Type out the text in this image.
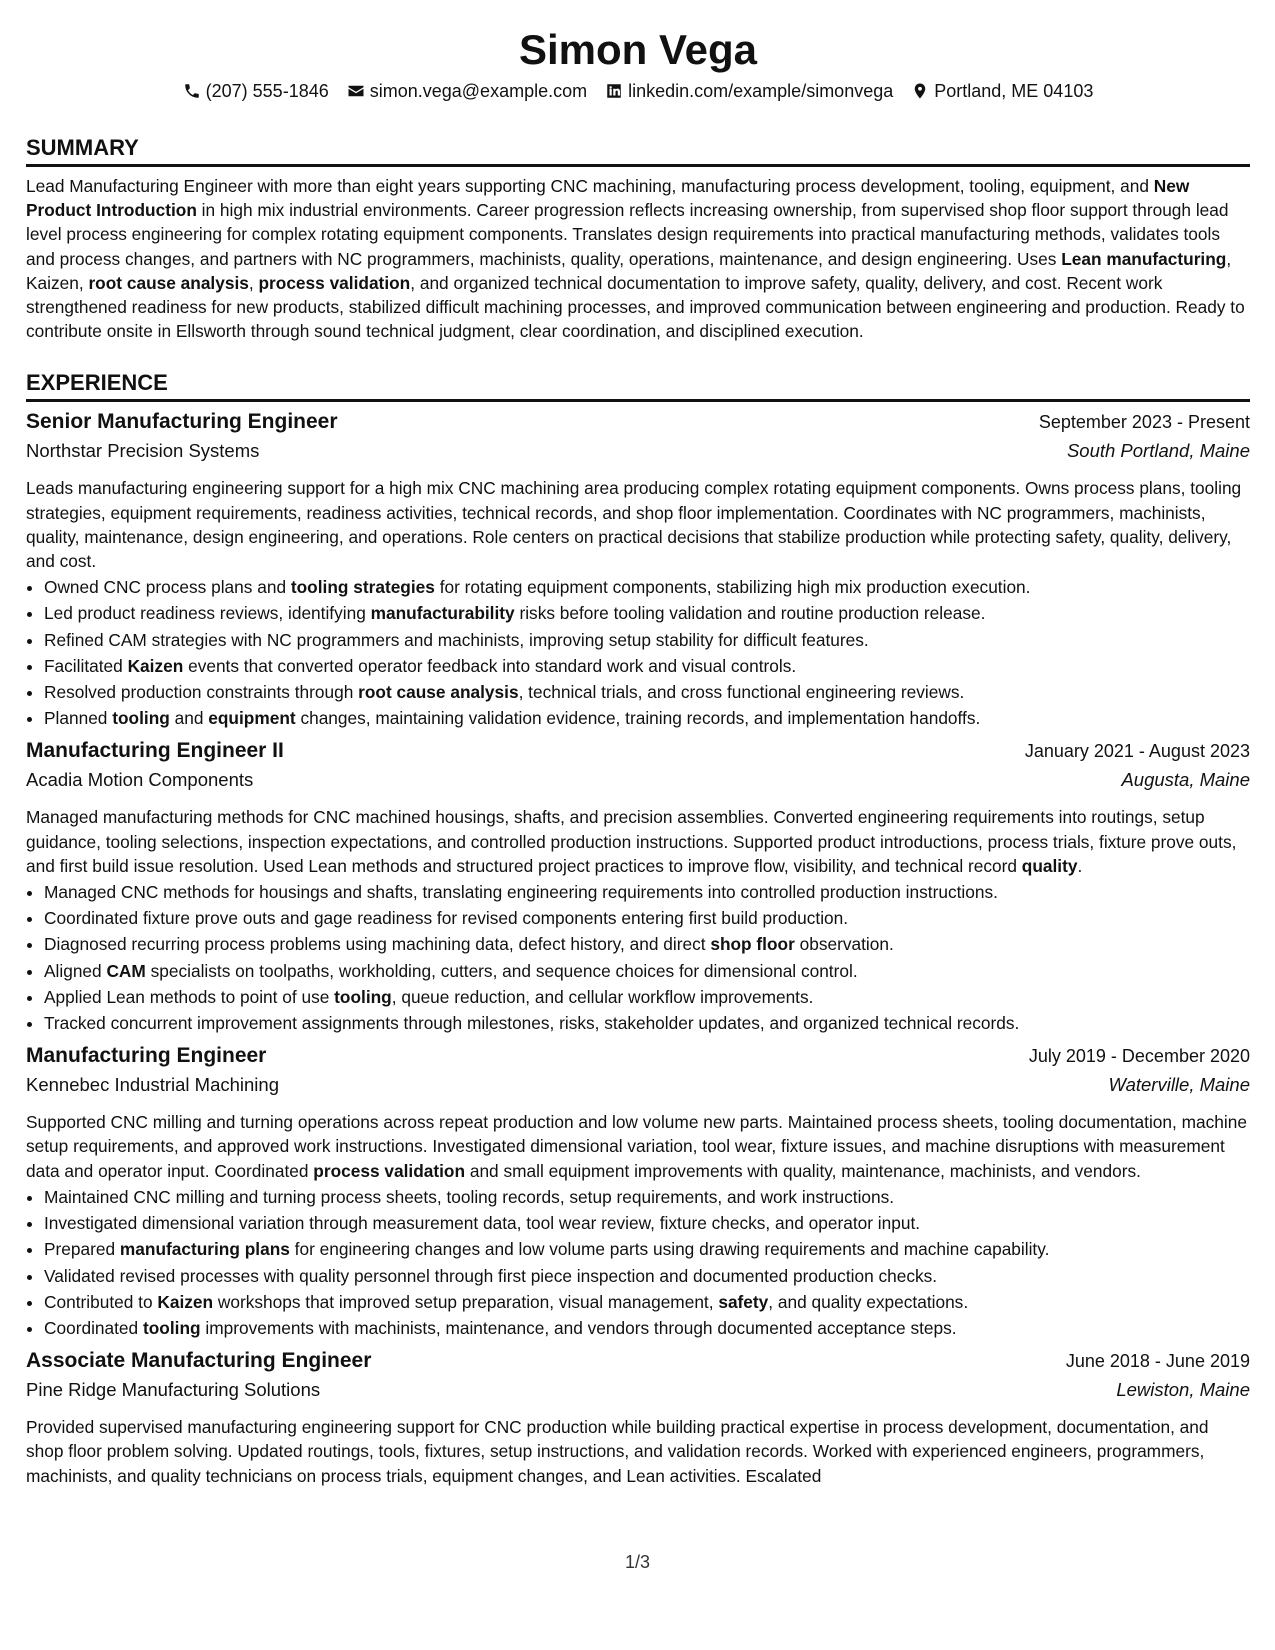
Simon Vega
(207) 555-1846 simon.vega@example.com linkedin.com/example/simonvega Portland, ME 04103
SUMMARY
Lead Manufacturing Engineer with more than eight years supporting CNC machining, manufacturing process development, tooling, equipment, and New Product Introduction in high mix industrial environments. Career progression reflects increasing ownership, from supervised shop floor support through lead level process engineering for complex rotating equipment components. Translates design requirements into practical manufacturing methods, validates tools and process changes, and partners with NC programmers, machinists, quality, operations, maintenance, and design engineering. Uses Lean manufacturing, Kaizen, root cause analysis, process validation, and organized technical documentation to improve safety, quality, delivery, and cost. Recent work strengthened readiness for new products, stabilized difficult machining processes, and improved communication between engineering and production. Ready to contribute onsite in Ellsworth through sound technical judgment, clear coordination, and disciplined execution.
EXPERIENCE
Senior Manufacturing Engineer	September 2023 - Present
Northstar Precision Systems	South Portland, Maine
Leads manufacturing engineering support for a high mix CNC machining area producing complex rotating equipment components. Owns process plans, tooling strategies, equipment requirements, readiness activities, technical records, and shop floor implementation. Coordinates with NC programmers, machinists, quality, maintenance, design engineering, and operations. Role centers on practical decisions that stabilize production while protecting safety, quality, delivery, and cost.
• Owned CNC process plans and tooling strategies for rotating equipment components, stabilizing high mix production execution.
• Led product readiness reviews, identifying manufacturability risks before tooling validation and routine production release.
• Refined CAM strategies with NC programmers and machinists, improving setup stability for difficult features.
• Facilitated Kaizen events that converted operator feedback into standard work and visual controls.
• Resolved production constraints through root cause analysis, technical trials, and cross functional engineering reviews.
• Planned tooling and equipment changes, maintaining validation evidence, training records, and implementation handoffs.
Manufacturing Engineer II	January 2021 - August 2023
Acadia Motion Components	Augusta, Maine
Managed manufacturing methods for CNC machined housings, shafts, and precision assemblies. Converted engineering requirements into routings, setup guidance, tooling selections, inspection expectations, and controlled production instructions. Supported product introductions, process trials, fixture prove outs, and first build issue resolution. Used Lean methods and structured project practices to improve flow, visibility, and technical record quality.
• Managed CNC methods for housings and shafts, translating engineering requirements into controlled production instructions.
• Coordinated fixture prove outs and gage readiness for revised components entering first build production.
• Diagnosed recurring process problems using machining data, defect history, and direct shop floor observation.
• Aligned CAM specialists on toolpaths, workholding, cutters, and sequence choices for dimensional control.
• Applied Lean methods to point of use tooling, queue reduction, and cellular workflow improvements.
• Tracked concurrent improvement assignments through milestones, risks, stakeholder updates, and organized technical records.
Manufacturing Engineer	July 2019 - December 2020
Kennebec Industrial Machining	Waterville, Maine
Supported CNC milling and turning operations across repeat production and low volume new parts. Maintained process sheets, tooling documentation, machine setup requirements, and approved work instructions. Investigated dimensional variation, tool wear, fixture issues, and machine disruptions with measurement data and operator input. Coordinated process validation and small equipment improvements with quality, maintenance, machinists, and vendors.
• Maintained CNC milling and turning process sheets, tooling records, setup requirements, and work instructions.
• Investigated dimensional variation through measurement data, tool wear review, fixture checks, and operator input.
• Prepared manufacturing plans for engineering changes and low volume parts using drawing requirements and machine capability.
• Validated revised processes with quality personnel through first piece inspection and documented production checks.
• Contributed to Kaizen workshops that improved setup preparation, visual management, safety, and quality expectations.
• Coordinated tooling improvements with machinists, maintenance, and vendors through documented acceptance steps.
Associate Manufacturing Engineer	June 2018 - June 2019
Pine Ridge Manufacturing Solutions	Lewiston, Maine
Provided supervised manufacturing engineering support for CNC production while building practical expertise in process development, documentation, and shop floor problem solving. Updated routings, tools, fixtures, setup instructions, and validation records. Worked with experienced engineers, programmers, machinists, and quality technicians on process trials, equipment changes, and Lean activities. Escalated
1/3
